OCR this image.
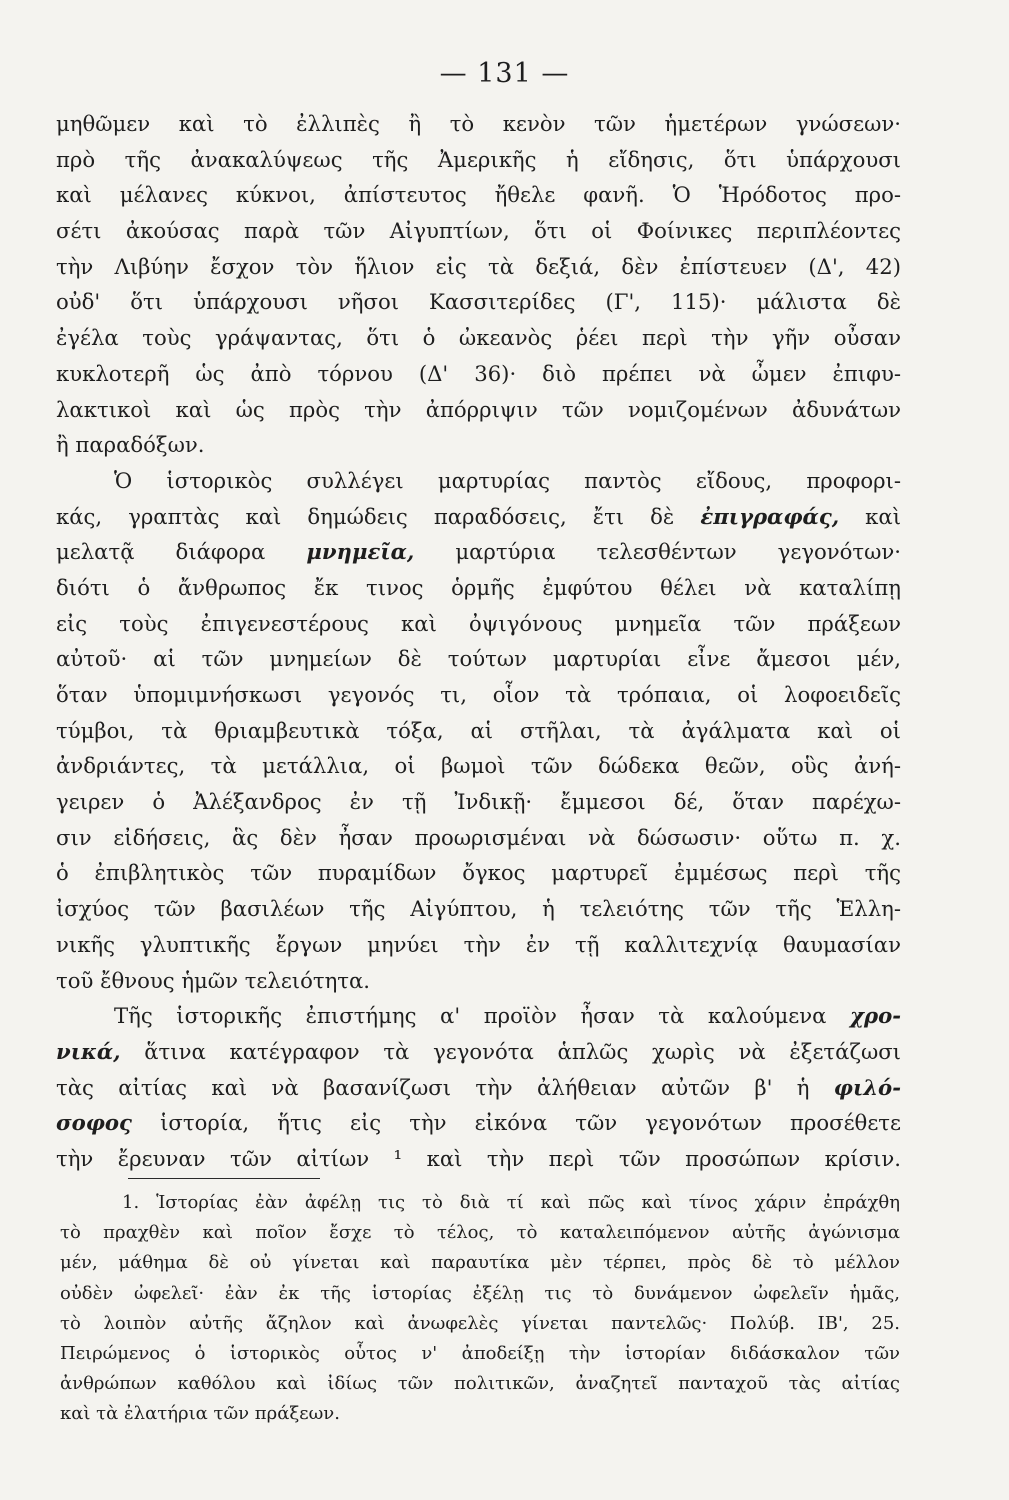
— 131 —
μηθῶμεν καὶ τὸ ἐλλιπὲς ἢ τὸ κενὸν τῶν ἡμετέρων γνώσεων·
πρὸ τῆς ἀνακαλύψεως τῆς Ἀμερικῆς ἡ εἴδησις, ὅτι ὑπάρχουσι
καὶ μέλανες κύκνοι, ἀπίστευτος ἤθελε φανῆ. Ὁ Ἡρόδοτος προ-
σέτι ἀκούσας παρὰ τῶν Αἰγυπτίων, ὅτι οἱ Φοίνικες περιπλέοντες
τὴν Λιβύην ἔσχον τὸν ἥλιον εἰς τὰ δεξιά, δὲν ἐπίστευεν (Δ', 42)
οὐδ' ὅτι ὑπάρχουσι νῆσοι Κασσιτερίδες (Γ', 115)· μάλιστα δὲ
ἐγέλα τοὺς γράψαντας, ὅτι ὁ ὠκεανὸς ῥέει περὶ τὴν γῆν οὖσαν
κυκλοτερῆ ὡς ἀπὸ τόρνου (Δ' 36)· διὸ πρέπει νὰ ὦμεν ἐπιφυ-
λακτικοὶ καὶ ὡς πρὸς τὴν ἀπόρριψιν τῶν νομιζομένων ἀδυνάτων
ἢ παραδόξων.
Ὁ ἱστορικὸς συλλέγει μαρτυρίας παντὸς εἴδους, προφορι-
κάς, γραπτὰς καὶ δημώδεις παραδόσεις, ἔτι δὲ ἐπιγραφάς, καὶ
μελατᾷ διάφορα μνημεῖα, μαρτύρια τελεσθέντων γεγονότων·
διότι ὁ ἄνθρωπος ἔκ τινος ὁρμῆς ἐμφύτου θέλει νὰ καταλίπῃ
εἰς τοὺς ἐπιγενεστέρους καὶ ὀψιγόνους μνημεῖα τῶν πράξεων
αὐτοῦ· αἱ τῶν μνημείων δὲ τούτων μαρτυρίαι εἶνε ἄμεσοι μέν,
ὅταν ὑπομιμνήσκωσι γεγονός τι, οἷον τὰ τρόπαια, οἱ λοφοειδεῖς
τύμβοι, τὰ θριαμβευτικὰ τόξα, αἱ στῆλαι, τὰ ἀγάλματα καὶ οἱ
ἀνδριάντες, τὰ μετάλλια, οἱ βωμοὶ τῶν δώδεκα θεῶν, οὓς ἀνή-
γειρεν ὁ Ἀλέξανδρος ἐν τῇ Ἰνδικῇ· ἔμμεσοι δέ, ὅταν παρέχω-
σιν εἰδήσεις, ἃς δὲν ἦσαν προωρισμέναι νὰ δώσωσιν· οὕτω π. χ.
ὁ ἐπιβλητικὸς τῶν πυραμίδων ὄγκος μαρτυρεῖ ἐμμέσως περὶ τῆς
ἰσχύος τῶν βασιλέων τῆς Αἰγύπτου, ἡ τελειότης τῶν τῆς Ἑλλη-
νικῆς γλυπτικῆς ἔργων μηνύει τὴν ἐν τῇ καλλιτεχνίᾳ θαυμασίαν
τοῦ ἔθνους ἡμῶν τελειότητα.
Τῆς ἱστορικῆς ἐπιστήμης α' προϊὸν ἦσαν τὰ καλούμενα χρο-
νικά, ἅτινα κατέγραφον τὰ γεγονότα ἁπλῶς χωρὶς νὰ ἐξετάζωσι
τὰς αἰτίας καὶ νὰ βασανίζωσι τὴν ἀλήθειαν αὐτῶν β' ἡ φιλό-
σοφος ἱστορία, ἥτις εἰς τὴν εἰκόνα τῶν γεγονότων προσέθετε
τὴν ἔρευναν τῶν αἰτίων ¹ καὶ τὴν περὶ τῶν προσώπων κρίσιν.
1. Ἱστορίας ἐὰν ἀφέλῃ τις τὸ διὰ τί καὶ πῶς καὶ τίνος χάριν ἐπράχθη
τὸ πραχθὲν καὶ ποῖον ἔσχε τὸ τέλος, τὸ καταλειπόμενον αὐτῆς ἀγώνισμα
μέν, μάθημα δὲ οὐ γίνεται καὶ παραυτίκα μὲν τέρπει, πρὸς δὲ τὸ μέλλον
οὐδὲν ὠφελεῖ· ἐὰν ἐκ τῆς ἱστορίας ἐξέλῃ τις τὸ δυνάμενον ὠφελεῖν ἡμᾶς,
τὸ λοιπὸν αὐτῆς ἄζηλον καὶ ἀνωφελὲς γίνεται παντελῶς· Πολύβ. ΙΒ', 25.
Πειρώμενος ὁ ἱστορικὸς οὗτος ν' ἀποδείξῃ τὴν ἱστορίαν διδάσκαλον τῶν
ἀνθρώπων καθόλου καὶ ἰδίως τῶν πολιτικῶν, ἀναζητεῖ πανταχοῦ τὰς αἰτίας
καὶ τὰ ἐλατήρια τῶν πράξεων.
